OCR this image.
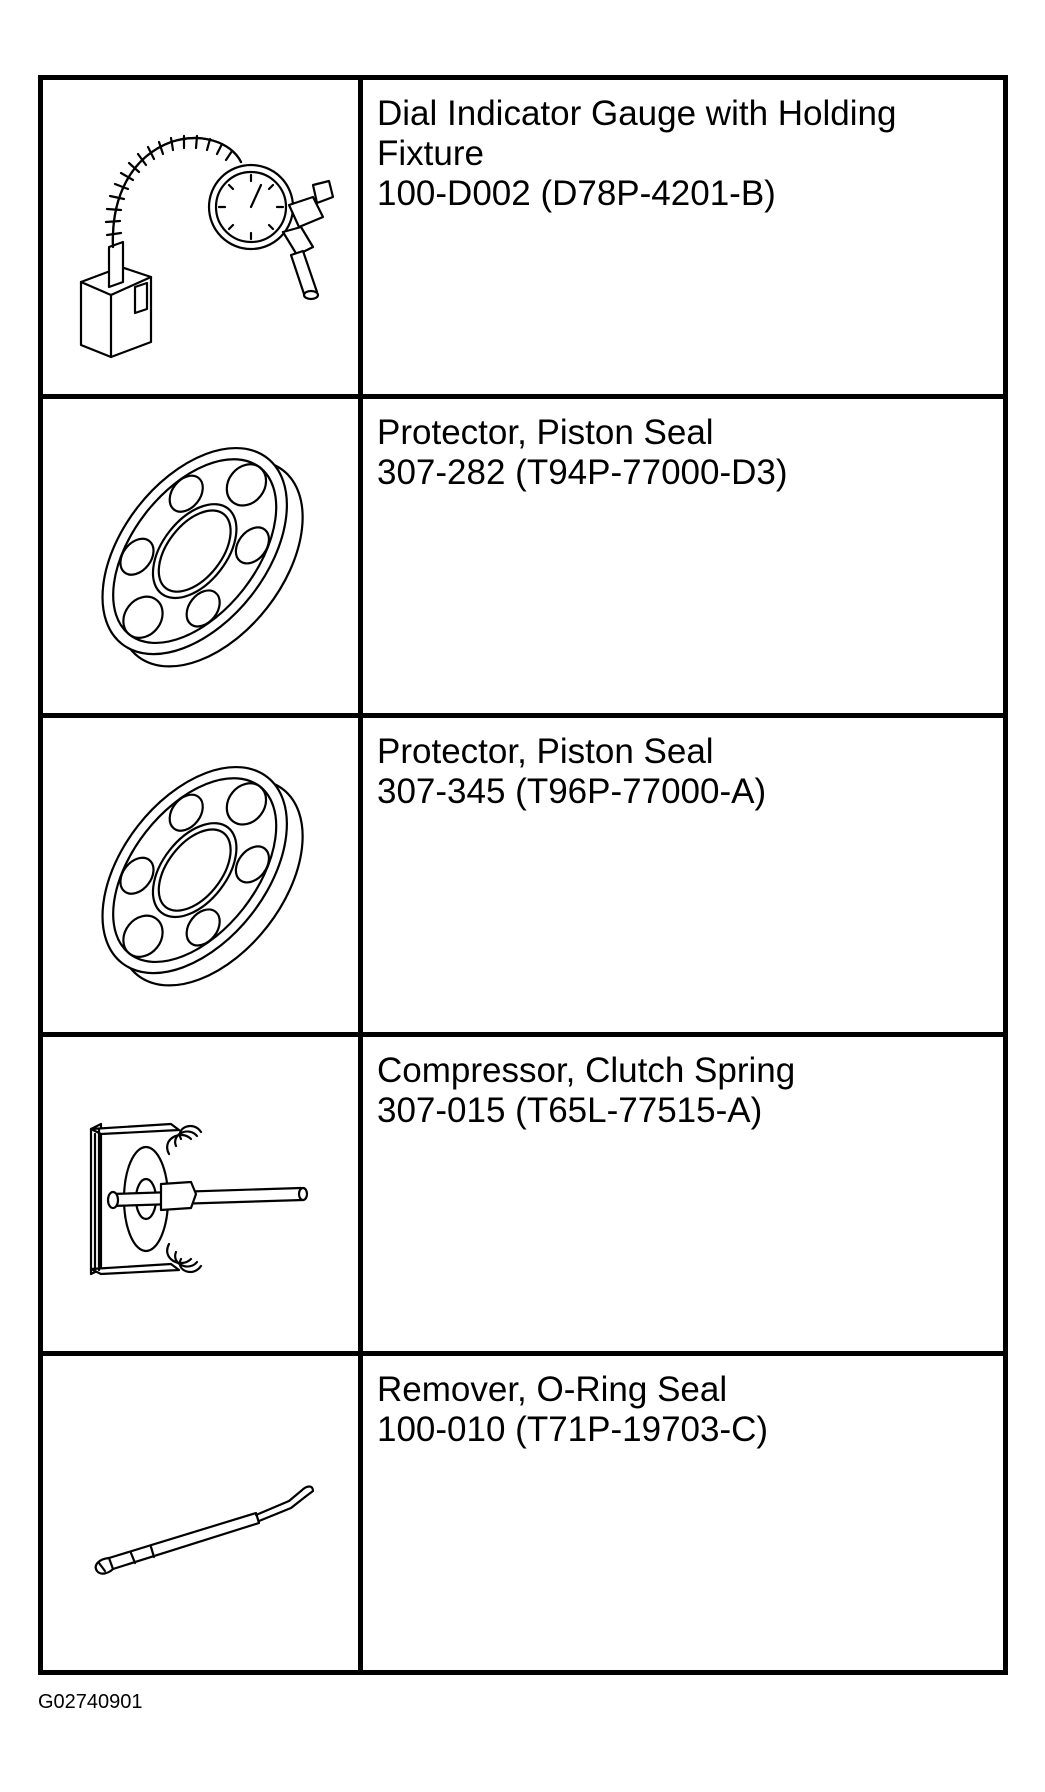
Dial Indicator Gauge with Holding
Fixture
100-D002 (D78P-4201-B)
Protector, Piston Seal
307-282 (T94P-77000-D3)
Protector, Piston Seal
307-345 (T96P-77000-A)
Compressor, Clutch Spring
307-015 (T65L-77515-A)
Remover, O-Ring Seal
100-010 (T71P-19703-C)
G02740901
